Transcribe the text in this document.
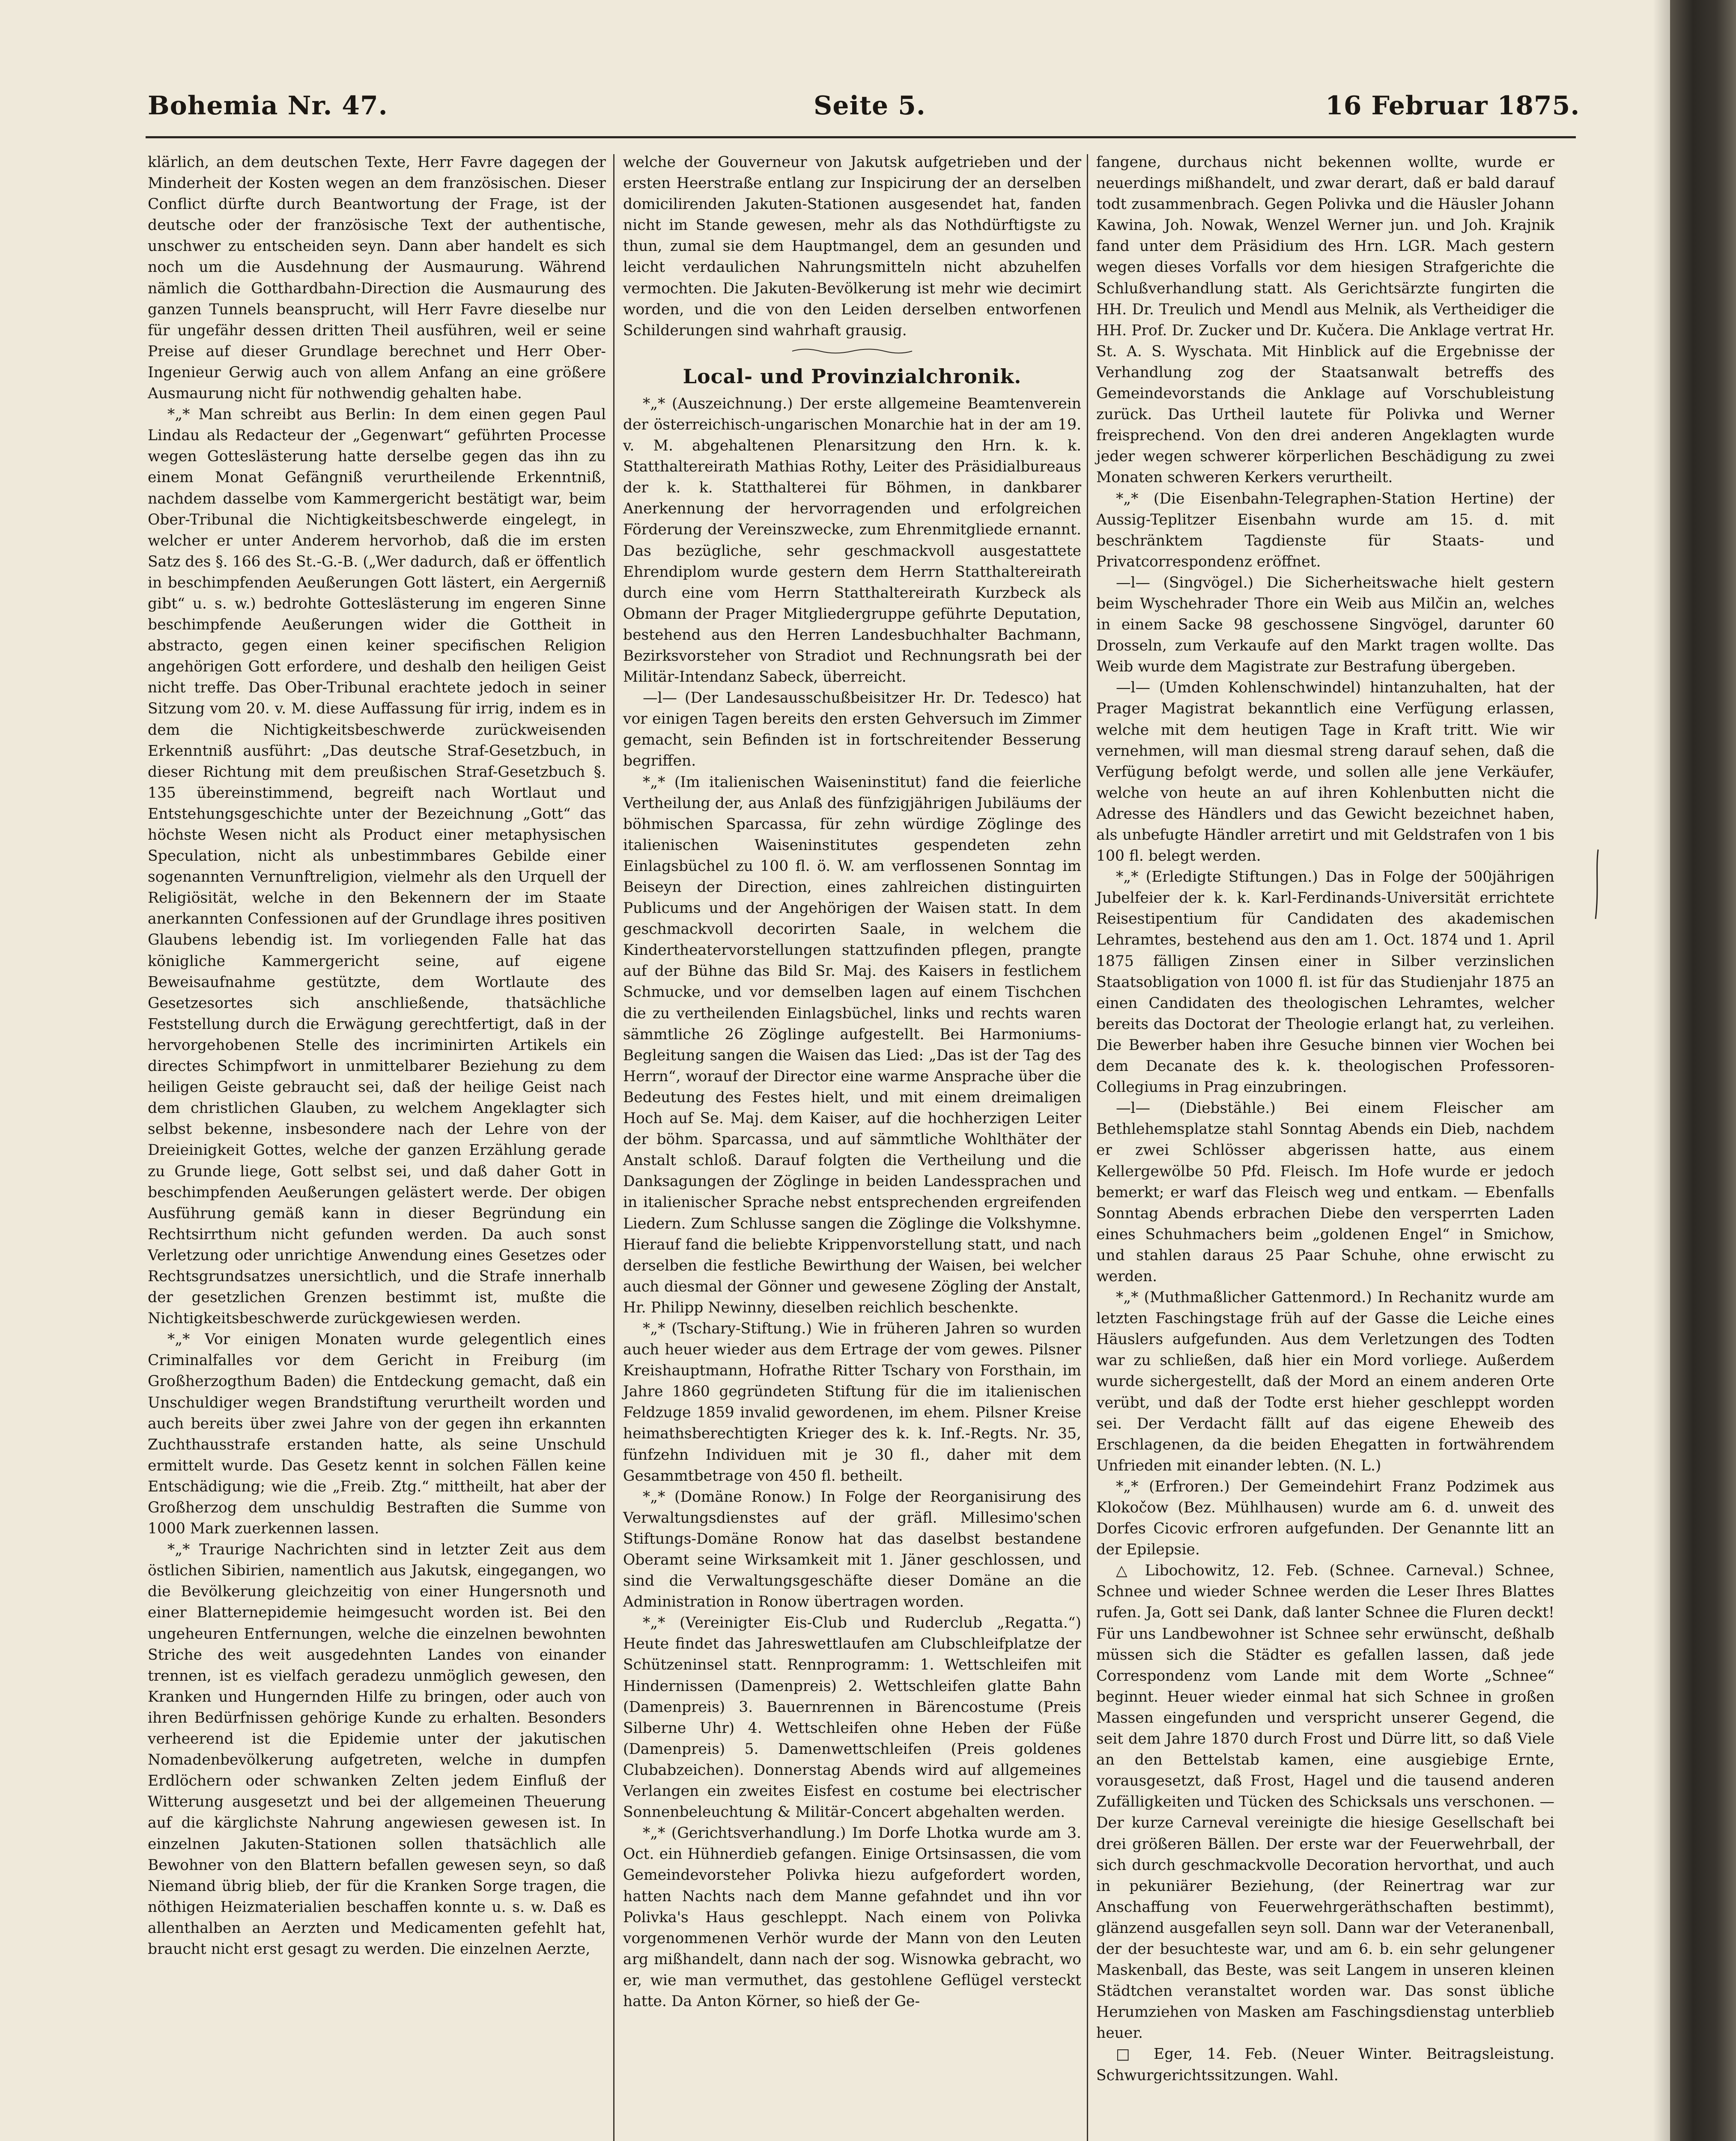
Bohemia Nr. 47.	Seite 5.	16 Februar 1875.

klärlich, an dem deutschen Texte, Herr Favre dagegen der Minderheit der Kosten wegen an dem französischen. Dieser Conflict dürfte durch Beantwortung der Frage, ist der deutsche oder der französische Text der authentische, unschwer zu entscheiden seyn. Dann aber handelt es sich noch um die Ausdehnung der Ausmaurung. Während nämlich die Gotthardbahn-Direction die Ausmaurung des ganzen Tunnels beansprucht, will Herr Favre dieselbe nur für ungefähr dessen dritten Theil ausführen, weil er seine Preise auf dieser Grundlage berechnet und Herr Ober-Ingenieur Gerwig auch von allem Anfang an eine größere Ausmaurung nicht für nothwendig gehalten habe.

*„* Man schreibt aus Berlin: In dem einen gegen Paul Lindau als Redacteur der „Gegenwart“ geführten Processe wegen Gotteslästerung hatte derselbe gegen das ihn zu einem Monat Gefängniß verurtheilende Erkenntniß, nachdem dasselbe vom Kammergericht bestätigt war, beim Ober-Tribunal die Nichtigkeitsbeschwerde eingelegt, in welcher er unter Anderem hervorhob, daß die im ersten Satz des §. 166 des St.-G.-B. („Wer dadurch, daß er öffentlich in beschimpfenden Aeußerungen Gott lästert, ein Aergerniß gibt“ u. s. w.) bedrohte Gotteslästerung im engeren Sinne beschimpfende Aeußerungen wider die Gottheit in abstracto, gegen einen keiner speciﬁschen Religion angehörigen Gott erfordere, und deshalb den heiligen Geist nicht treffe. Das Ober-Tribunal erachtete jedoch in seiner Sitzung vom 20. v. M. diese Auffassung für irrig, indem es in dem die Nichtigkeitsbeschwerde zurückweisenden Erkenntniß ausführt: „Das deutsche Straf-Gesetzbuch, in dieser Richtung mit dem preußischen Straf-Gesetzbuch §. 135 übereinstimmend, begreift nach Wortlaut und Entstehungsgeschichte unter der Bezeichnung „Gott“ das höchste Wesen nicht als Product einer metaphysischen Speculation, nicht als unbestimmbares Gebilde einer sogenannten Vernunftreligion, vielmehr als den Urquell der Religiösität, welche in den Bekennern der im Staate anerkannten Confessionen auf der Grundlage ihres positiven Glaubens lebendig ist. Im vorliegenden Falle hat das königliche Kammergericht seine, auf eigene Beweisaufnahme gestützte, dem Wortlaute des Gesetzesortes sich anschließende, thatsächliche Feststellung durch die Erwägung gerechtfertigt, daß in der hervorgehobenen Stelle des incriminirten Artikels ein directes Schimpfwort in unmittelbarer Beziehung zu dem heiligen Geiste gebraucht sei, daß der heilige Geist nach dem christlichen Glauben, zu welchem Angeklagter sich selbst bekenne, insbesondere nach der Lehre von der Dreieinigkeit Gottes, welche der ganzen Erzählung gerade zu Grunde liege, Gott selbst sei, und daß daher Gott in beschimpfenden Aeußerungen gelästert werde. Der obigen Ausführung gemäß kann in dieser Begründung ein Rechtsirrthum nicht gefunden werden. Da auch sonst Verletzung oder unrichtige Anwendung eines Gesetzes oder Rechtsgrundsatzes unersichtlich, und die Strafe innerhalb der gesetzlichen Grenzen bestimmt ist, mußte die Nichtigkeitsbeschwerde zurückgewiesen werden.

*„* Vor einigen Monaten wurde gelegentlich eines Criminalfalles vor dem Gericht in Freiburg (im Großherzogthum Baden) die Entdeckung gemacht, daß ein Unschuldiger wegen Brandstiftung verurtheilt worden und auch bereits über zwei Jahre von der gegen ihn erkannten Zuchthausstrafe erstanden hatte, als seine Unschuld ermittelt wurde. Das Gesetz kennt in solchen Fällen keine Entschädigung; wie die „Freib. Ztg.“ mittheilt, hat aber der Großherzog dem unschuldig Bestraften die Summe von 1000 Mark zuerkennen lassen.

*„* Traurige Nachrichten sind in letzter Zeit aus dem östlichen Sibirien, namentlich aus Jakutsk, eingegangen, wo die Bevölkerung gleichzeitig von einer Hungersnoth und einer Blatternepidemie heimgesucht worden ist. Bei den ungeheuren Entfernungen, welche die einzelnen bewohnten Striche des weit ausgedehnten Landes von einander trennen, ist es vielfach geradezu unmöglich gewesen, den Kranken und Hungernden Hilfe zu bringen, oder auch von ihren Bedürfnissen gehörige Kunde zu erhalten. Besonders verheerend ist die Epidemie unter der jakutischen Nomadenbevölkerung aufgetreten, welche in dumpfen Erdlöchern oder schwanken Zelten jedem Einfluß der Witterung ausgesetzt und bei der allgemeinen Theuerung auf die kärglichste Nahrung angewiesen gewesen ist. In einzelnen Jakuten-Stationen sollen thatsächlich alle Bewohner von den Blattern befallen gewesen seyn, so daß Niemand übrig blieb, der für die Kranken Sorge tragen, die nöthigen Heizmaterialien beschaffen konnte u. s. w. Daß es allenthalben an Aerzten und Medicamenten gefehlt hat, braucht nicht erst gesagt zu werden. Die einzelnen Aerzte,

welche der Gouverneur von Jakutsk aufgetrieben und der ersten Heerstraße entlang zur Inspicirung der an derselben domicilirenden Jakuten-Stationen ausgesendet hat, fanden nicht im Stande gewesen, mehr als das Nothdürftigste zu thun, zumal sie dem Hauptmangel, dem an gesunden und leicht verdaulichen Nahrungsmitteln nicht abzuhelfen vermochten. Die Jakuten-Bevölkerung ist mehr wie decimirt worden, und die von den Leiden derselben entworfenen Schilderungen sind wahrhaft grausig.

Local- und Provinzialchronik.

*„* (Auszeichnung.) Der erste allgemeine Beamtenverein der österreichisch-ungarischen Monarchie hat in der am 19. v. M. abgehaltenen Plenarsitzung den Hrn. k. k. Statthaltereirath Mathias Rothy, Leiter des Präsidialbureaus der k. k. Statthalterei für Böhmen, in dankbarer Anerkennung der hervorragenden und erfolgreichen Förderung der Vereinszwecke, zum Ehrenmitgliede ernannt. Das bezügliche, sehr geschmackvoll ausgestattete Ehrendiplom wurde gestern dem Herrn Statthaltereirath durch eine vom Herrn Statthaltereirath Kurzbeck als Obmann der Prager Mitgliedergruppe geführte Deputation, bestehend aus den Herren Landesbuchhalter Bachmann, Bezirksvorsteher von Stradiot und Rechnungsrath bei der Militär-Intendanz Sabeck, überreicht.

—l— (Der Landesausschußbeisitzer Hr. Dr. Tedesco) hat vor einigen Tagen bereits den ersten Gehversuch im Zimmer gemacht, sein Befinden ist in fortschreitender Besserung begriffen.

*„* (Im italienischen Waiseninstitut) fand die feierliche Vertheilung der, aus Anlaß des fünfzigjährigen Jubiläums der böhmischen Sparcassa, für zehn würdige Zöglinge des italienischen Waiseninstitutes gespendeten zehn Einlagsbüchel zu 100 fl. ö. W. am verflossenen Sonntag im Beiseyn der Direction, eines zahlreichen distinguirten Publicums und der Angehörigen der Waisen statt. In dem geschmackvoll decorirten Saale, in welchem die Kindertheatervorstellungen stattzufinden pflegen, prangte auf der Bühne das Bild Sr. Maj. des Kaisers in festlichem Schmucke, und vor demselben lagen auf einem Tischchen die zu vertheilenden Einlagsbüchel, links und rechts waren sämmtliche 26 Zöglinge aufgestellt. Bei Harmoniums-Begleitung sangen die Waisen das Lied: „Das ist der Tag des Herrn“, worauf der Director eine warme Ansprache über die Bedeutung des Festes hielt, und mit einem dreimaligen Hoch auf Se. Maj. dem Kaiser, auf die hochherzigen Leiter der böhm. Sparcassa, und auf sämmtliche Wohlthäter der Anstalt schloß. Darauf folgten die Vertheilung und die Danksagungen der Zöglinge in beiden Landessprachen und in italienischer Sprache nebst entsprechenden ergreifenden Liedern. Zum Schlusse sangen die Zöglinge die Volkshymne. Hierauf fand die beliebte Krippenvorstellung statt, und nach derselben die festliche Bewirthung der Waisen, bei welcher auch diesmal der Gönner und gewesene Zögling der Anstalt, Hr. Philipp Newinny, dieselben reichlich beschenkte.

*„* (Tschary-Stiftung.) Wie in früheren Jahren so wurden auch heuer wieder aus dem Ertrage der vom gewes. Pilsner Kreishauptmann, Hofrathe Ritter Tschary von Forsthain, im Jahre 1860 gegründeten Stiftung für die im italienischen Feldzuge 1859 invalid gewordenen, im ehem. Pilsner Kreise heimathsberechtigten Krieger des k. k. Inf.-Regts. Nr. 35, fünfzehn Individuen mit je 30 fl., daher mit dem Gesammtbetrage von 450 fl. betheilt.

*„* (Domäne Ronow.) In Folge der Reorganisirung des Verwaltungsdienstes auf der gräfl. Millesimo'schen Stiftungs-Domäne Ronow hat das daselbst bestandene Oberamt seine Wirksamkeit mit 1. Jäner geschlossen, und sind die Verwaltungsgeschäfte dieser Domäne an die Administration in Ronow übertragen worden.

*„* (Vereinigter Eis-Club und Ruderclub „Regatta.“) Heute findet das Jahreswettlaufen am Clubschleifplatze der Schützeninsel statt. Rennprogramm: 1. Wettschleifen mit Hindernissen (Damenpreis) 2. Wettschleifen glatte Bahn (Damenpreis) 3. Bauernrennen in Bärencostume (Preis Silberne Uhr) 4. Wettschleifen ohne Heben der Füße (Damenpreis) 5. Damenwettschleifen (Preis goldenes Clubabzeichen). Donnerstag Abends wird auf allgemeines Verlangen ein zweites Eisfest en costume bei electrischer Sonnenbeleuchtung & Militär-Concert abgehalten werden.

*„* (Gerichtsverhandlung.) Im Dorfe Lhotka wurde am 3. Oct. ein Hühnerdieb gefangen. Einige Ortsinsassen, die vom Gemeindevorsteher Polivka hiezu aufgefordert worden, hatten Nachts nach dem Manne gefahndet und ihn vor Polivka's Haus geschleppt. Nach einem von Polivka vorgenommenen Verhör wurde der Mann von den Leuten arg mißhandelt, dann nach der sog. Wisnowka gebracht, wo er, wie man vermuthet, das gestohlene Geflügel versteckt hatte. Da Anton Körner, so hieß der Ge-

fangene, durchaus nicht bekennen wollte, wurde er neuerdings mißhandelt, und zwar derart, daß er bald darauf todt zusammenbrach. Gegen Polivka und die Häusler Johann Kawina, Joh. Nowak, Wenzel Werner jun. und Joh. Krajnik fand unter dem Präsidium des Hrn. LGR. Mach gestern wegen dieses Vorfalls vor dem hiesigen Strafgerichte die Schlußverhandlung statt. Als Gerichtsärzte fungirten die HH. Dr. Treulich und Mendl aus Melnik, als Vertheidiger die HH. Prof. Dr. Zucker und Dr. Kučera. Die Anklage vertrat Hr. St. A. S. Wyschata. Mit Hinblick auf die Ergebnisse der Verhandlung zog der Staatsanwalt betreffs des Gemeindevorstands die Anklage auf Vorschubleistung zurück. Das Urtheil lautete für Polivka und Werner freisprechend. Von den drei anderen Angeklagten wurde jeder wegen schwerer körperlichen Beschädigung zu zwei Monaten schweren Kerkers verurtheilt.

*„* (Die Eisenbahn-Telegraphen-Station Hertine) der Aussig-Teplitzer Eisenbahn wurde am 15. d. mit beschränktem Tagdienste für Staats- und Privatcorrespondenz eröffnet.

—l— (Singvögel.) Die Sicherheitswache hielt gestern beim Wyschehrader Thore ein Weib aus Milčin an, welches in einem Sacke 98 geschossene Singvögel, darunter 60 Drosseln, zum Verkaufe auf den Markt tragen wollte. Das Weib wurde dem Magistrate zur Bestrafung übergeben.

—l— (Umden Kohlenschwindel) hintanzuhalten, hat der Prager Magistrat bekanntlich eine Verfügung erlassen, welche mit dem heutigen Tage in Kraft tritt. Wie wir vernehmen, will man diesmal streng darauf sehen, daß die Verfügung befolgt werde, und sollen alle jene Verkäufer, welche von heute an auf ihren Kohlenbutten nicht die Adresse des Händlers und das Gewicht bezeichnet haben, als unbefugte Händler arretirt und mit Geldstrafen von 1 bis 100 fl. belegt werden.

*„* (Erledigte Stiftungen.) Das in Folge der 500jährigen Jubelfeier der k. k. Karl-Ferdinands-Universität errichtete Reisestipentium für Candidaten des akademischen Lehramtes, bestehend aus den am 1. Oct. 1874 und 1. April 1875 fälligen Zinsen einer in Silber verzinslichen Staatsobligation von 1000 fl. ist für das Studienjahr 1875 an einen Candidaten des theologischen Lehramtes, welcher bereits das Doctorat der Theologie erlangt hat, zu verleihen. Die Bewerber haben ihre Gesuche binnen vier Wochen bei dem Decanate des k. k. theologischen Professoren-Collegiums in Prag einzubringen.

—l— (Diebstähle.) Bei einem Fleischer am Bethlehemsplatze stahl Sonntag Abends ein Dieb, nachdem er zwei Schlösser abgerissen hatte, aus einem Kellergewölbe 50 Pfd. Fleisch. Im Hofe wurde er jedoch bemerkt; er warf das Fleisch weg und entkam. — Ebenfalls Sonntag Abends erbrachen Diebe den versperrten Laden eines Schuhmachers beim „goldenen Engel“ in Smichow, und stahlen daraus 25 Paar Schuhe, ohne erwischt zu werden.

*„* (Muthmaßlicher Gattenmord.) In Rechanitz wurde am letzten Faschingstage früh auf der Gasse die Leiche eines Häuslers aufgefunden. Aus dem Verletzungen des Todten war zu schließen, daß hier ein Mord vorliege. Außerdem wurde sichergestellt, daß der Mord an einem anderen Orte verübt, und daß der Todte erst hieher geschleppt worden sei. Der Verdacht fällt auf das eigene Eheweib des Erschlagenen, da die beiden Ehegatten in fortwährendem Unfrieden mit einander lebten. (N. L.)

*„* (Erfroren.) Der Gemeindehirt Franz Podzimek aus Klokočow (Bez. Mühlhausen) wurde am 6. d. unweit des Dorfes Cicovic erfroren aufgefunden. Der Genannte litt an der Epilepsie.

△ Libochowitz, 12. Feb. (Schnee. Carneval.) Schnee, Schnee und wieder Schnee werden die Leser Ihres Blattes rufen. Ja, Gott sei Dank, daß lanter Schnee die Fluren deckt! Für uns Landbewohner ist Schnee sehr erwünscht, deßhalb müssen sich die Städter es gefallen lassen, daß jede Correspondenz vom Lande mit dem Worte „Schnee“ beginnt. Heuer wieder einmal hat sich Schnee in großen Massen eingefunden und verspricht unserer Gegend, die seit dem Jahre 1870 durch Frost und Dürre litt, so daß Viele an den Bettelstab kamen, eine ausgiebige Ernte, vorausgesetzt, daß Frost, Hagel und die tausend anderen Zufälligkeiten und Tücken des Schicksals uns verschonen. — Der kurze Carneval vereinigte die hiesige Gesellschaft bei drei größeren Bällen. Der erste war der Feuerwehrball, der sich durch geschmackvolle Decoration hervorthat, und auch in pekuniärer Beziehung, (der Reinertrag war zur Anschaffung von Feuerwehrgeräthschaften bestimmt), glänzend ausgefallen seyn soll. Dann war der Veteranenball, der der besuchteste war, und am 6. b. ein sehr gelungener Maskenball, das Beste, was seit Langem in unseren kleinen Städtchen veranstaltet worden war. Das sonst übliche Herumziehen von Masken am Faschingsdienstag unterblieb heuer.

□ Eger, 14. Feb. (Neuer Winter. Beitragsleistung. Schwurgerichtssitzungen. Wahl.
